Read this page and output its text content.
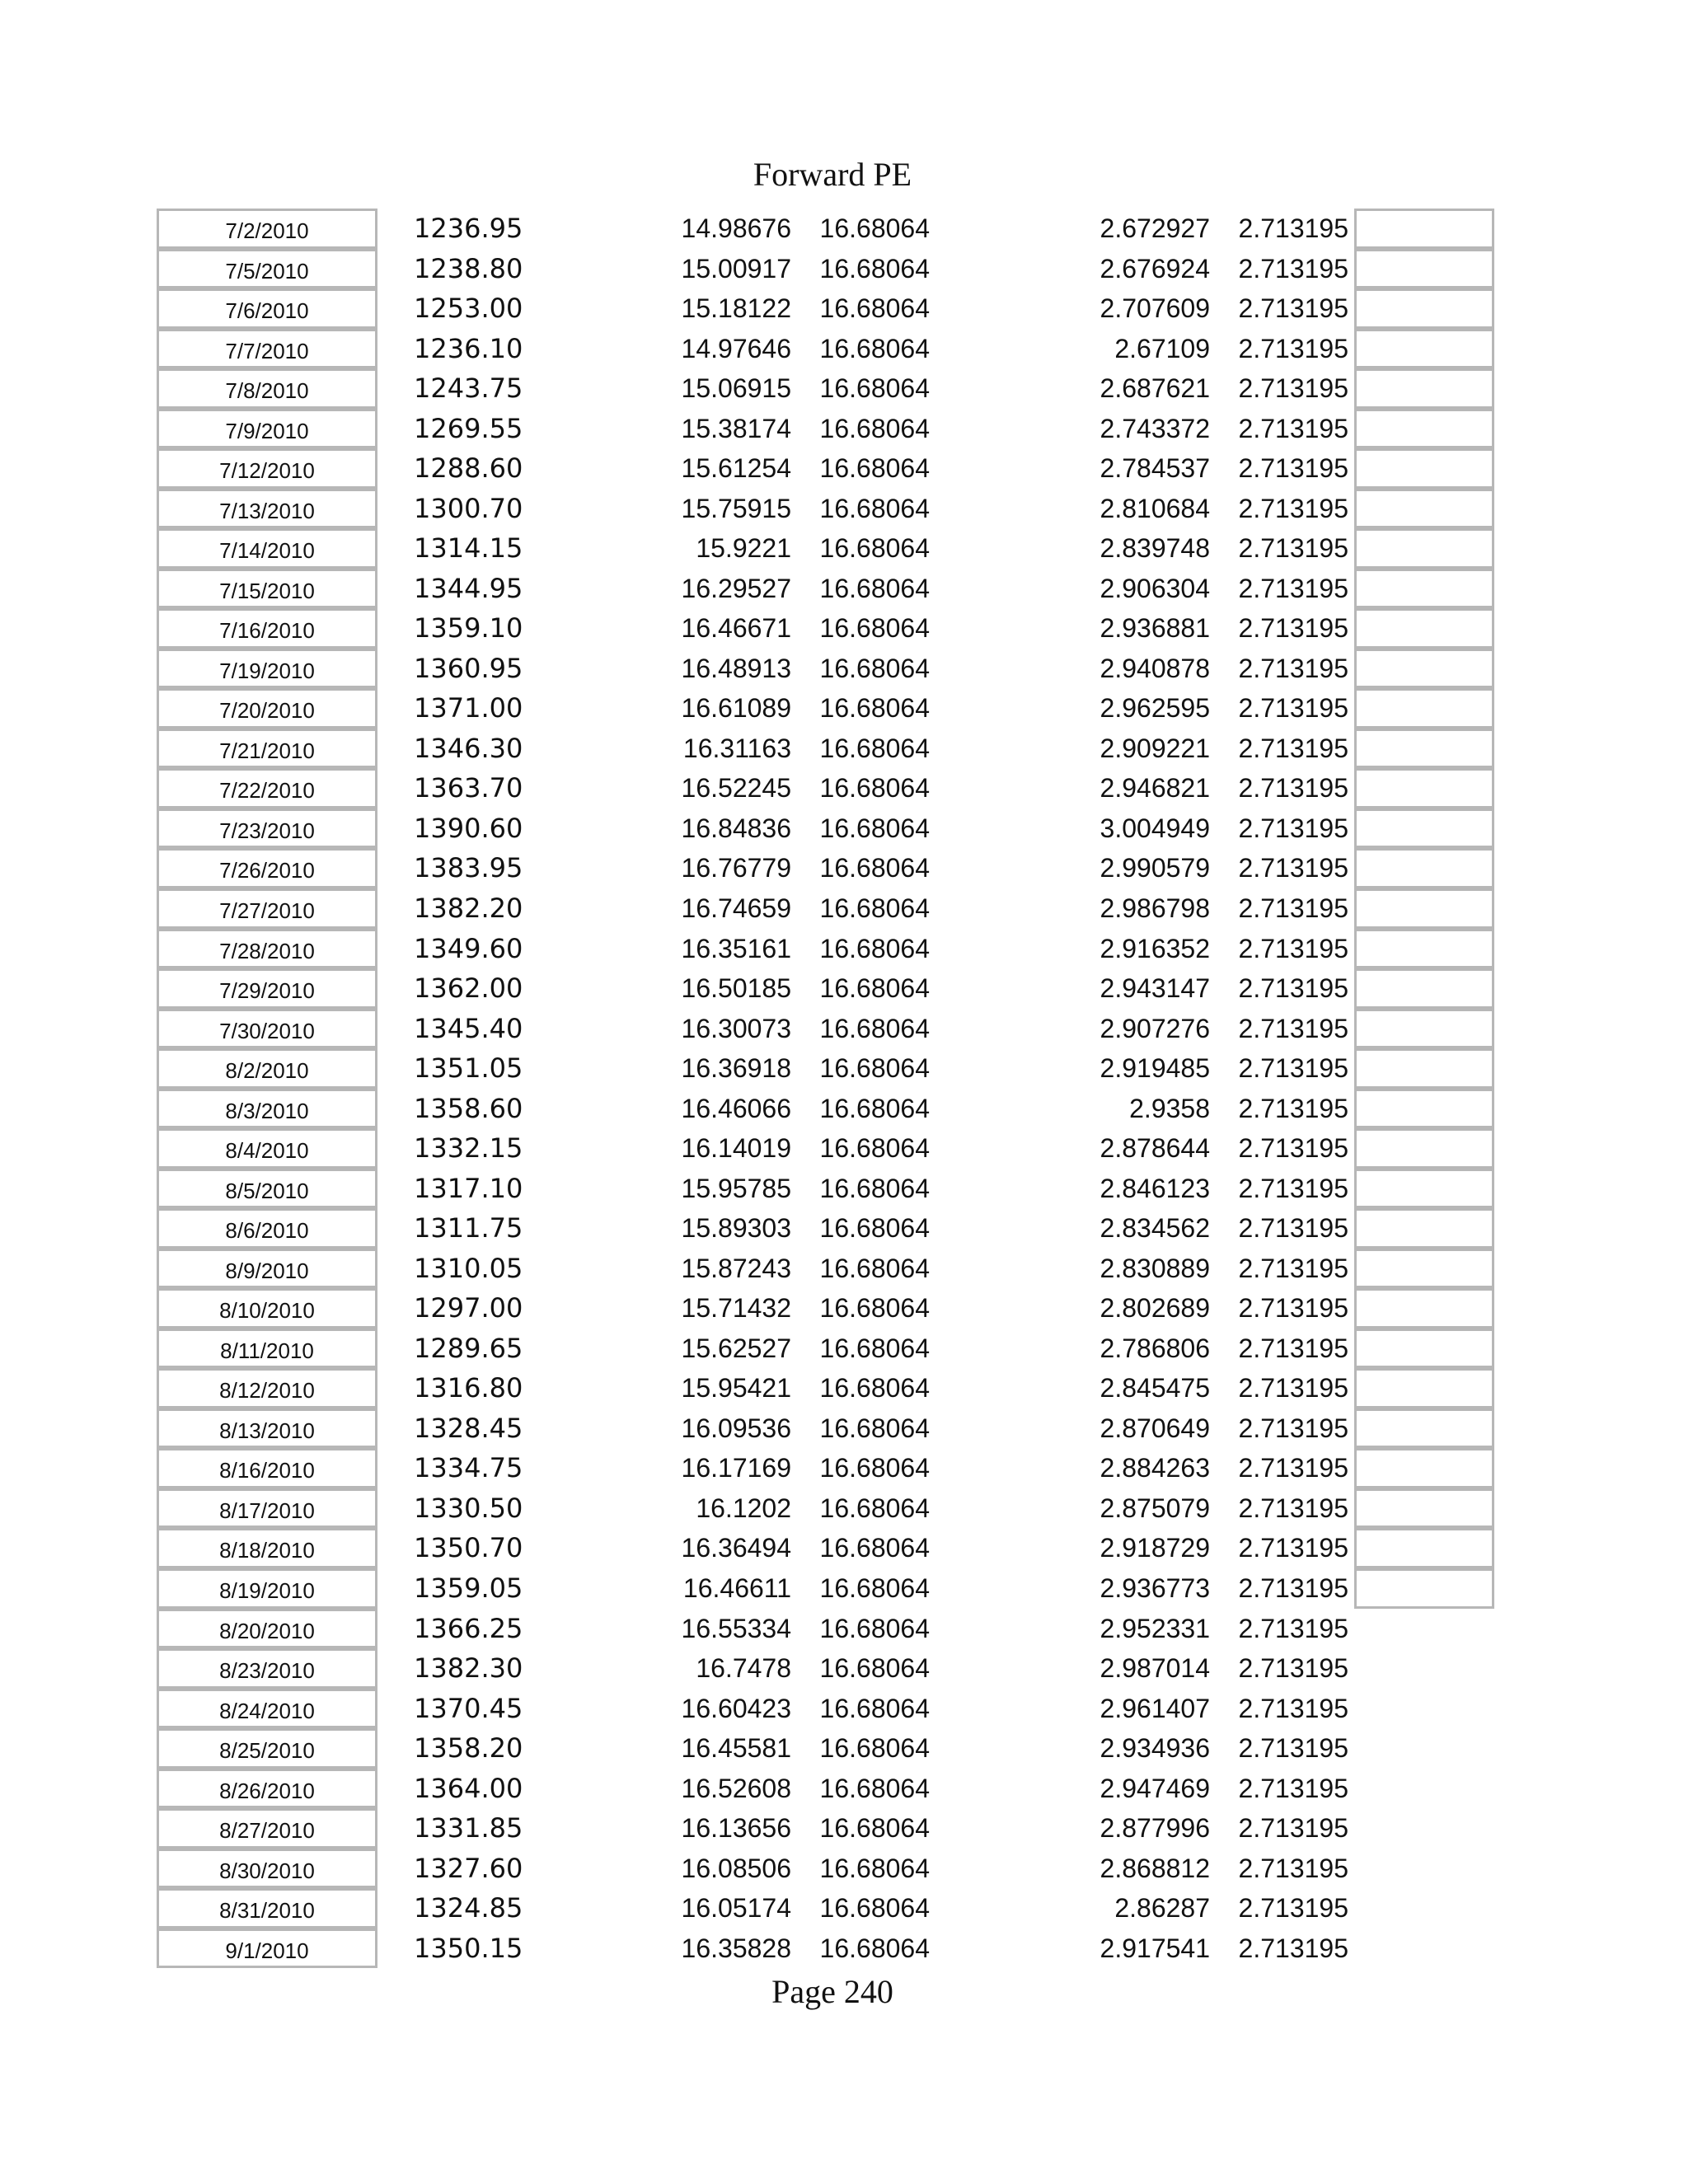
Forward PE
7/2/2010	1236.95	14.98676	16.68064	2.672927	2.713195
7/5/2010	1238.80	15.00917	16.68064	2.676924	2.713195
7/6/2010	1253.00	15.18122	16.68064	2.707609	2.713195
7/7/2010	1236.10	14.97646	16.68064	2.67109	2.713195
7/8/2010	1243.75	15.06915	16.68064	2.687621	2.713195
7/9/2010	1269.55	15.38174	16.68064	2.743372	2.713195
7/12/2010	1288.60	15.61254	16.68064	2.784537	2.713195
7/13/2010	1300.70	15.75915	16.68064	2.810684	2.713195
7/14/2010	1314.15	15.9221	16.68064	2.839748	2.713195
7/15/2010	1344.95	16.29527	16.68064	2.906304	2.713195
7/16/2010	1359.10	16.46671	16.68064	2.936881	2.713195
7/19/2010	1360.95	16.48913	16.68064	2.940878	2.713195
7/20/2010	1371.00	16.61089	16.68064	2.962595	2.713195
7/21/2010	1346.30	16.31163	16.68064	2.909221	2.713195
7/22/2010	1363.70	16.52245	16.68064	2.946821	2.713195
7/23/2010	1390.60	16.84836	16.68064	3.004949	2.713195
7/26/2010	1383.95	16.76779	16.68064	2.990579	2.713195
7/27/2010	1382.20	16.74659	16.68064	2.986798	2.713195
7/28/2010	1349.60	16.35161	16.68064	2.916352	2.713195
7/29/2010	1362.00	16.50185	16.68064	2.943147	2.713195
7/30/2010	1345.40	16.30073	16.68064	2.907276	2.713195
8/2/2010	1351.05	16.36918	16.68064	2.919485	2.713195
8/3/2010	1358.60	16.46066	16.68064	2.9358	2.713195
8/4/2010	1332.15	16.14019	16.68064	2.878644	2.713195
8/5/2010	1317.10	15.95785	16.68064	2.846123	2.713195
8/6/2010	1311.75	15.89303	16.68064	2.834562	2.713195
8/9/2010	1310.05	15.87243	16.68064	2.830889	2.713195
8/10/2010	1297.00	15.71432	16.68064	2.802689	2.713195
8/11/2010	1289.65	15.62527	16.68064	2.786806	2.713195
8/12/2010	1316.80	15.95421	16.68064	2.845475	2.713195
8/13/2010	1328.45	16.09536	16.68064	2.870649	2.713195
8/16/2010	1334.75	16.17169	16.68064	2.884263	2.713195
8/17/2010	1330.50	16.1202	16.68064	2.875079	2.713195
8/18/2010	1350.70	16.36494	16.68064	2.918729	2.713195
8/19/2010	1359.05	16.46611	16.68064	2.936773	2.713195
8/20/2010	1366.25	16.55334	16.68064	2.952331	2.713195
8/23/2010	1382.30	16.7478	16.68064	2.987014	2.713195
8/24/2010	1370.45	16.60423	16.68064	2.961407	2.713195
8/25/2010	1358.20	16.45581	16.68064	2.934936	2.713195
8/26/2010	1364.00	16.52608	16.68064	2.947469	2.713195
8/27/2010	1331.85	16.13656	16.68064	2.877996	2.713195
8/30/2010	1327.60	16.08506	16.68064	2.868812	2.713195
8/31/2010	1324.85	16.05174	16.68064	2.86287	2.713195
9/1/2010	1350.15	16.35828	16.68064	2.917541	2.713195
Page 240
